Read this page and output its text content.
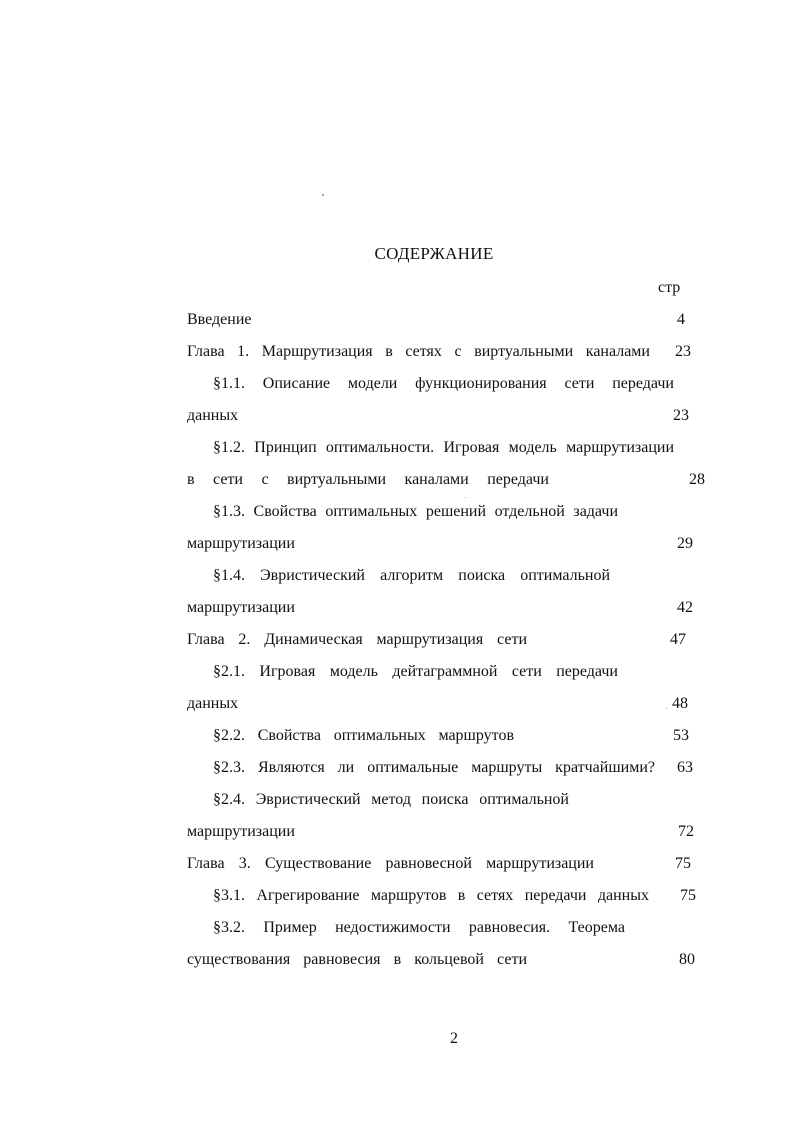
СОДЕРЖАНИЕ
стр
Введение	4
Глава 1. Маршрутизация в сетях с виртуальными каналами 23
§1.1. Описание модели функционирования сети передачи
данных	23
§1.2. Принцип оптимальности. Игровая модель маршрутизации
в сети с виртуальными каналами передачи	28
§1.3. Свойства оптимальных решений отдельной задачи
маршрутизации	29
§1.4. Эвристический алгоритм поиска оптимальной
маршрутизации	42
Глава 2. Динамическая маршрутизация сети	47
§2.1. Игровая модель дейтаграммной сети передачи
данных	48
§2.2. Свойства оптимальных маршрутов	53
§2.3. Являются ли оптимальные маршруты кратчайшими? 63
§2.4. Эвристический метод поиска оптимальной
маршрутизации	72
Глава 3. Существование равновесной маршрутизации	75
§3.1. Агрегирование маршрутов в сетях передачи данных 75
§3.2. Пример недостижимости равновесия. Теорема
существования равновесия в кольцевой сети	80
2
